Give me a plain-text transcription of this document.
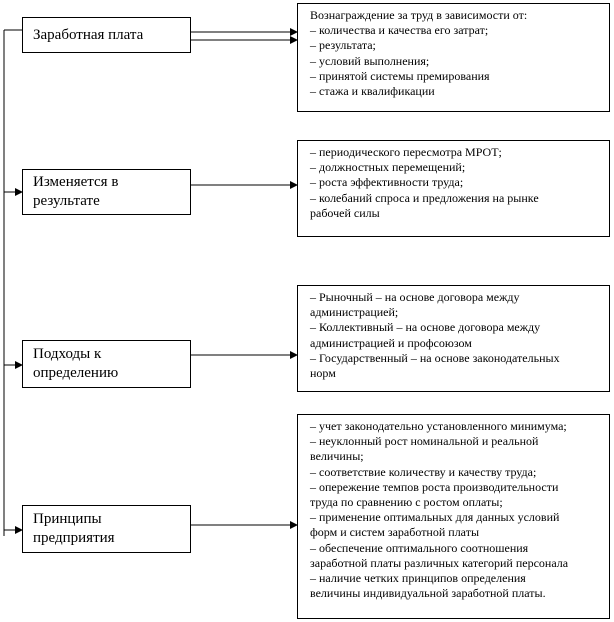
Заработная плата
Вознаграждение за труд в зависимости от:
– количества и качества его затрат;
– результата;
– условий выполнения;
– принятой системы премирования
– стажа и квалификации
Изменяется в результате
– периодического пересмотра МРОТ;
– должностных перемещений;
– роста эффективности труда;
– колебаний спроса и предложения на рынке
рабочей силы
Подходы к определению
– Рыночный – на основе договора между
администрацией;
– Коллективный – на основе договора между
администрацией и профсоюзом
– Государственный – на основе законодательных
норм
Принципы предприятия
– учет законодательно установленного минимума;
– неуклонный рост номинальной и реальной
величины;
– соответствие количеству и качеству труда;
– опережение темпов роста производительности
труда по сравнению с ростом оплаты;
– применение оптимальных для данных условий
форм и систем заработной платы
– обеспечение оптимального соотношения
заработной платы различных категорий персонала
– наличие четких принципов определения
величины индивидуальной заработной платы.
